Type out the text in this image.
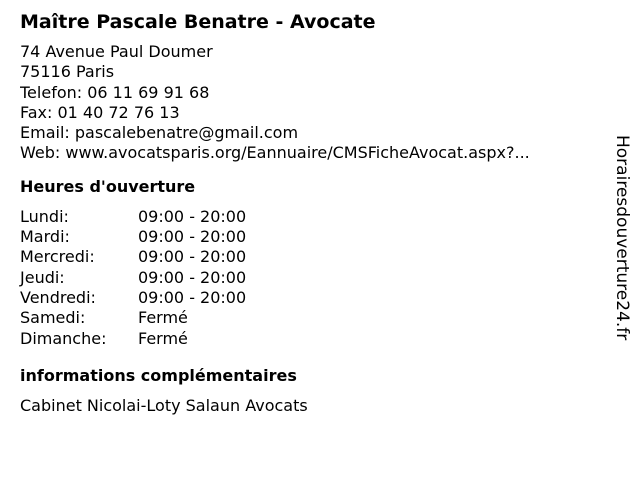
Maître Pascale Benatre - Avocate
74 Avenue Paul Doumer
75116 Paris
Telefon: 06 11 69 91 68
Fax: 01 40 72 76 13
Email: pascalebenatre@gmail.com
Web: www.avocatsparis.org/Eannuaire/CMSFicheAvocat.aspx?...
Heures d'ouverture
Lundi:	09:00 - 20:00
Mardi:	09:00 - 20:00
Mercredi:	09:00 - 20:00
Jeudi:	09:00 - 20:00
Vendredi:	09:00 - 20:00
Samedi:	Fermé
Dimanche:	Fermé
informations complémentaires
Cabinet Nicolai-Loty Salaun Avocats
Horairesdouverture24.fr
